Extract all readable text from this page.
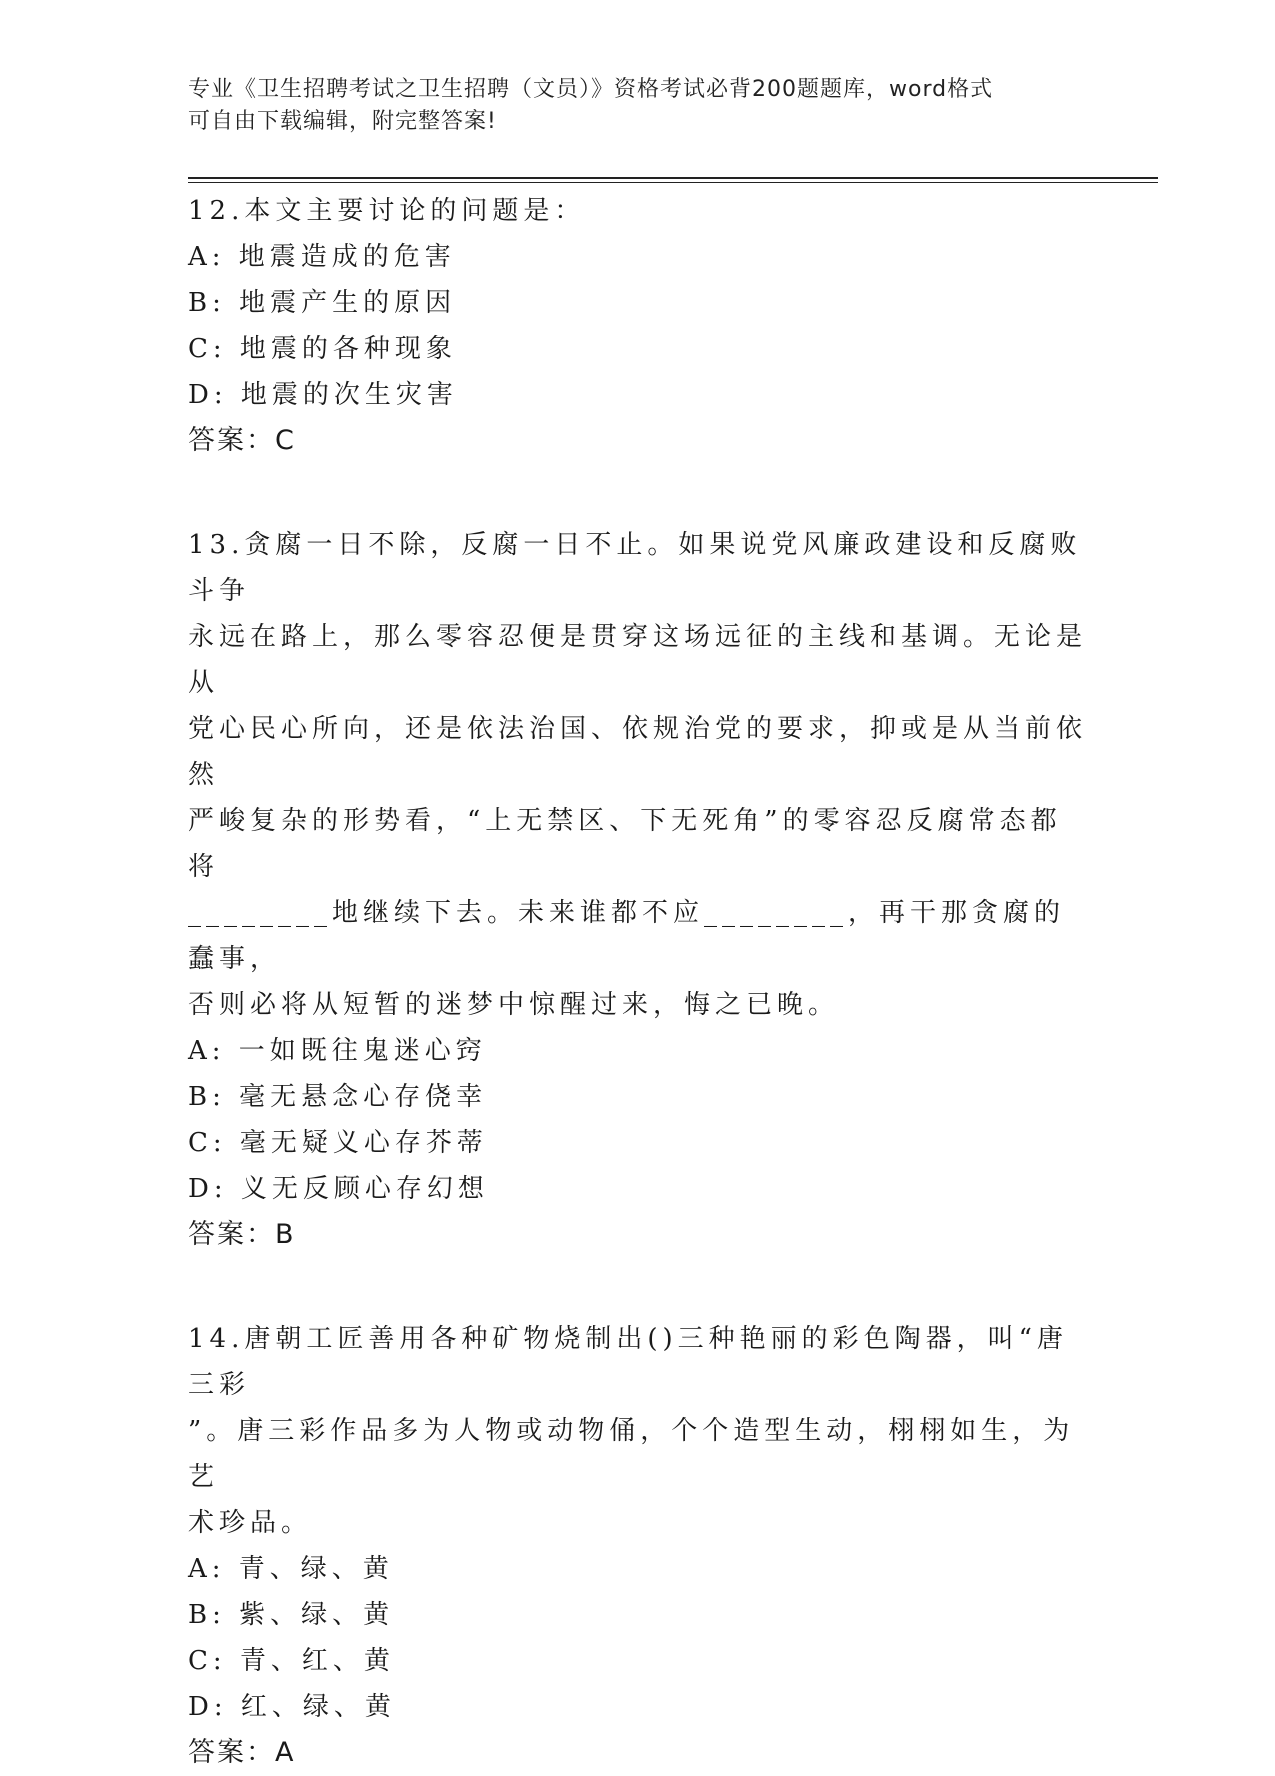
专业《卫生招聘考试之卫生招聘（文员）》资格考试必背200题题库，word格式
可自由下载编辑，附完整答案!
12.本文主要讨论的问题是：
A: 地震造成的危害
B: 地震产生的原因
C: 地震的各种现象
D: 地震的次生灾害
答案：C
13.贪腐一日不除，反腐一日不止。如果说党风廉政建设和反腐败斗争
永远在路上，那么零容忍便是贯穿这场远征的主线和基调。无论是从
党心民心所向，还是依法治国、依规治党的要求，抑或是从当前依然
严峻复杂的形势看，“上无禁区、下无死角”的零容忍反腐常态都将
________地继续下去。未来谁都不应________，再干那贪腐的蠢事，
否则必将从短暂的迷梦中惊醒过来，悔之已晚。
A: 一如既往鬼迷心窍
B: 毫无悬念心存侥幸
C: 毫无疑义心存芥蒂
D: 义无反顾心存幻想
答案：B
14.唐朝工匠善用各种矿物烧制出()三种艳丽的彩色陶器，叫“唐三彩
”。唐三彩作品多为人物或动物俑，个个造型生动，栩栩如生，为艺
术珍品。
A: 青、绿、黄
B: 紫、绿、黄
C: 青、红、黄
D: 红、绿、黄
答案：A
